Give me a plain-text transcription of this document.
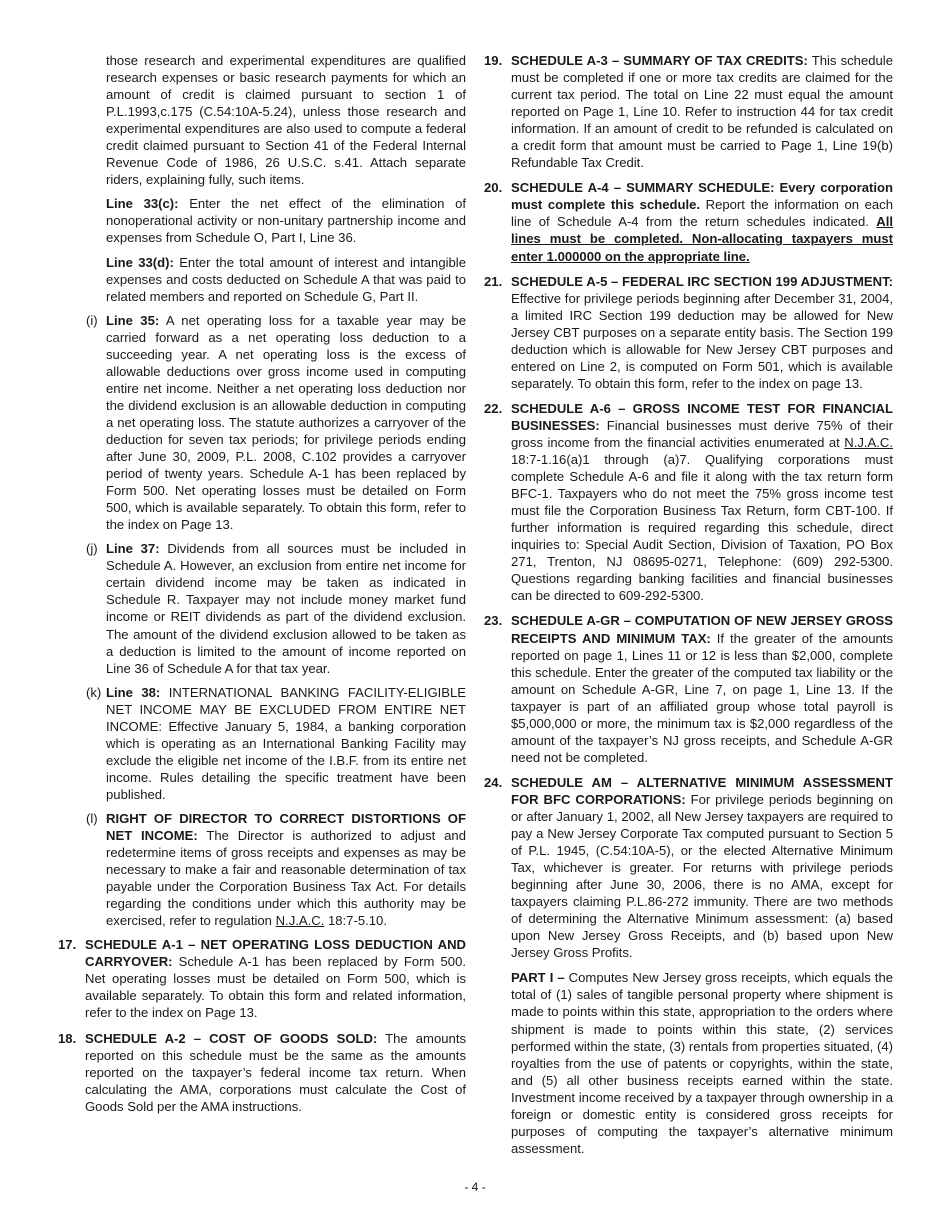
those research and experimental expenditures are qualified research expenses or basic research payments for which an amount of credit is claimed pursuant to section 1 of P.L.1993,c.175 (C.54:10A-5.24), unless those research and experimental expenditures are also used to compute a federal credit claimed pursuant to Section 41 of the Federal Internal Revenue Code of 1986, 26 U.S.C. s.41. Attach separate riders, explaining fully, such items.

Line 33(c): Enter the net effect of the elimination of nonoperational activity or non-unitary partnership income and expenses from Schedule O, Part I, Line 36.

Line 33(d): Enter the total amount of interest and intangible expenses and costs deducted on Schedule A that was paid to related members and reported on Schedule G, Part II.

(i) Line 35: A net operating loss for a taxable year may be carried forward as a net operating loss deduction to a succeeding year. A net operating loss is the excess of allowable deductions over gross income used in computing entire net income. Neither a net operating loss deduction nor the dividend exclusion is an allowable deduction in computing a net operating loss. The statute authorizes a carryover of the deduction for seven tax periods; for privilege periods ending after June 30, 2009, P.L. 2008, C.102 provides a carryover period of twenty years. Schedule A-1 has been replaced by Form 500. Net operating losses must be detailed on Form 500, which is available separately. To obtain this form, refer to the index on Page 13.
(j) Line 37: Dividends from all sources must be included in Schedule A. However, an exclusion from entire net income for certain dividend income may be taken as indicated in Schedule R. Taxpayer may not include money market fund income or REIT dividends as part of the dividend exclusion. The amount of the dividend exclusion allowed to be taken as a deduction is limited to the amount of income reported on Line 36 of Schedule A for that tax year.
(k) Line 38: INTERNATIONAL BANKING FACILITY-ELIGIBLE NET INCOME MAY BE EXCLUDED FROM ENTIRE NET INCOME: Effective January 5, 1984, a banking corporation which is operating as an International Banking Facility may exclude the eligible net income of the I.B.F. from its entire net income. Rules detailing the specific treatment have been published.
(l) RIGHT OF DIRECTOR TO CORRECT DISTORTIONS OF NET INCOME: The Director is authorized to adjust and redetermine items of gross receipts and expenses as may be necessary to make a fair and reasonable determination of tax payable under the Corporation Business Tax Act. For details regarding the conditions under which this authority may be exercised, refer to regulation N.J.A.C. 18:7-5.10.
17. SCHEDULE A-1 – NET OPERATING LOSS DEDUCTION AND CARRYOVER: Schedule A-1 has been replaced by Form 500. Net operating losses must be detailed on Form 500, which is available separately. To obtain this form and related information, refer to the index on Page 13.
18. SCHEDULE A-2 – COST OF GOODS SOLD: The amounts reported on this schedule must be the same as the amounts reported on the taxpayer’s federal income tax return. When calculating the AMA, corporations must calculate the Cost of Goods Sold per the AMA instructions.
19. SCHEDULE A-3 – SUMMARY OF TAX CREDITS: This schedule must be completed if one or more tax credits are claimed for the current tax period. The total on Line 22 must equal the amount reported on Page 1, Line 10. Refer to instruction 44 for tax credit information. If an amount of credit to be refunded is calculated on a credit form that amount must be carried to Page 1, Line 19(b) Refundable Tax Credit.
20. SCHEDULE A-4 – SUMMARY SCHEDULE: Every corporation must complete this schedule. Report the information on each line of Schedule A-4 from the return schedules indicated. All lines must be completed. Non-allocating taxpayers must enter 1.000000 on the appropriate line.
21. SCHEDULE A-5 – FEDERAL IRC SECTION 199 ADJUSTMENT: Effective for privilege periods beginning after December 31, 2004, a limited IRC Section 199 deduction may be allowed for New Jersey CBT purposes on a separate entity basis. The Section 199 deduction which is allowable for New Jersey CBT purposes and entered on Line 2, is computed on Form 501, which is available separately. To obtain this form, refer to the index on page 13.
22. SCHEDULE A-6 – GROSS INCOME TEST FOR FINANCIAL BUSINESSES: Financial businesses must derive 75% of their gross income from the financial activities enumerated at N.J.A.C. 18:7-1.16(a)1 through (a)7. Qualifying corporations must complete Schedule A-6 and file it along with the tax return form BFC-1. Taxpayers who do not meet the 75% gross income test must file the Corporation Business Tax Return, form CBT-100. If further information is required regarding this schedule, direct inquiries to: Special Audit Section, Division of Taxation, PO Box 271, Trenton, NJ 08695-0271, Telephone: (609) 292-5300. Questions regarding banking facilities and financial businesses can be directed to 609-292-5300.
23. SCHEDULE A-GR – COMPUTATION OF NEW JERSEY GROSS RECEIPTS AND MINIMUM TAX: If the greater of the amounts reported on page 1, Lines 11 or 12 is less than $2,000, complete this schedule. Enter the greater of the computed tax liability or the amount on Schedule A-GR, Line 7, on page 1, Line 13. If the taxpayer is part of an affiliated group whose total payroll is $5,000,000 or more, the minimum tax is $2,000 regardless of the amount of the taxpayer’s NJ gross receipts, and Schedule A-GR need not be completed.
24. SCHEDULE AM – ALTERNATIVE MINIMUM ASSESSMENT FOR BFC CORPORATIONS: For privilege periods beginning on or after January 1, 2002, all New Jersey taxpayers are required to pay a New Jersey Corporate Tax computed pursuant to Section 5 of P.L. 1945, (C.54:10A-5), or the elected Alternative Minimum Tax, whichever is greater. For returns with privilege periods beginning after June 30, 2006, there is no AMA, except for taxpayers claiming P.L.86-272 immunity. There are two methods of determining the Alternative Minimum assessment: (a) based upon New Jersey Gross Receipts, and (b) based upon New Jersey Gross Profits.

PART I – Computes New Jersey gross receipts, which equals the total of (1) sales of tangible personal property where shipment is made to points within this state, appropriation to the orders where shipment is made to points within this state, (2) services performed within the state, (3) rentals from properties situated, (4) royalties from the use of patents or copyrights, within the state, and (5) all other business receipts earned within the state. Investment income received by a taxpayer through ownership in a foreign or domestic entity is considered gross receipts for purposes of computing the taxpayer’s alternative minimum assessment.

- 4 -
